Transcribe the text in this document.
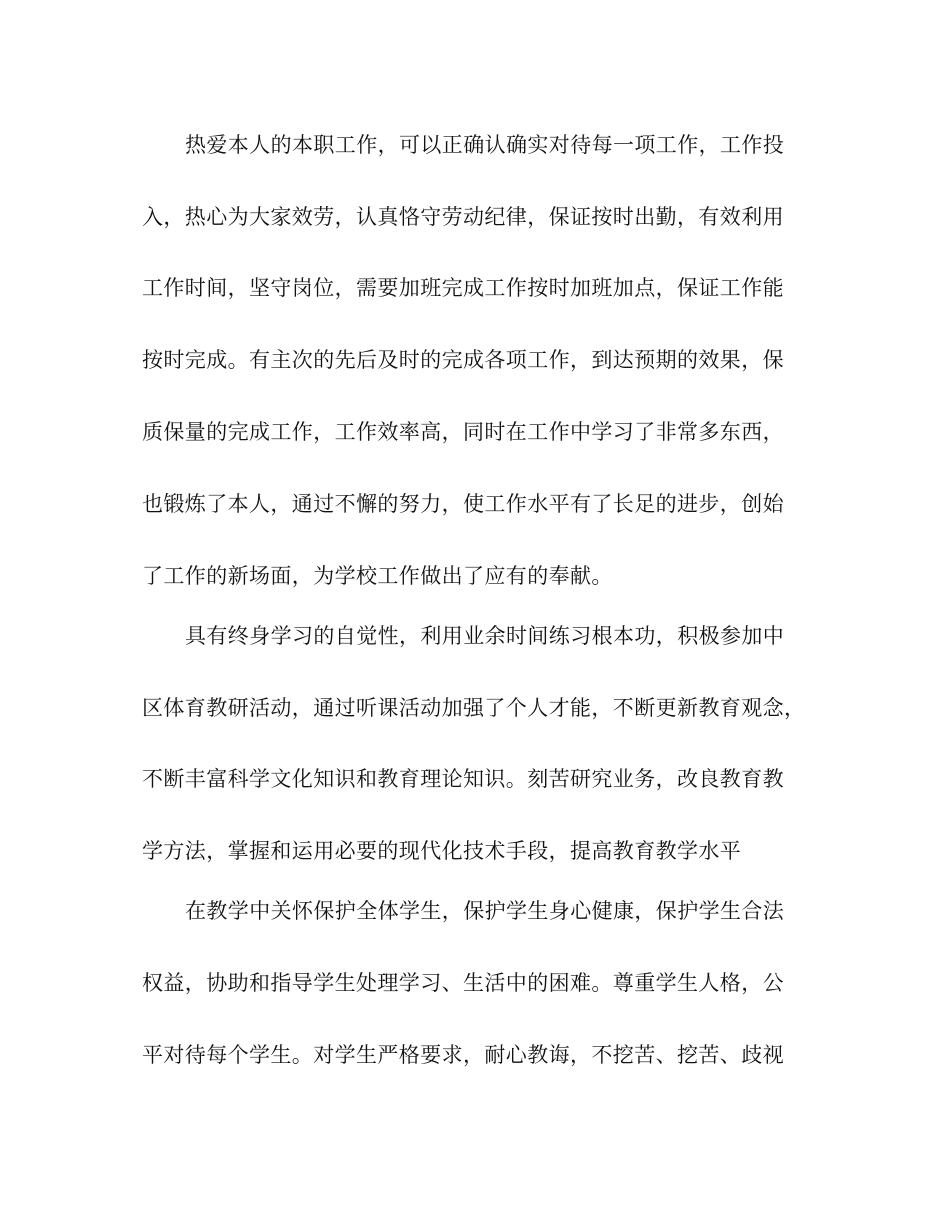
热爱本人的本职工作，可以正确认确实对待每一项工作，工作投
入，热心为大家效劳，认真恪守劳动纪律，保证按时出勤，有效利用
工作时间，坚守岗位，需要加班完成工作按时加班加点，保证工作能
按时完成。有主次的先后及时的完成各项工作，到达预期的效果，保
质保量的完成工作，工作效率高，同时在工作中学习了非常多东西，
也锻炼了本人，通过不懈的努力，使工作水平有了长足的进步，创始
了工作的新场面，为学校工作做出了应有的奉献。
具有终身学习的自觉性，利用业余时间练习根本功，积极参加中
区体育教研活动，通过听课活动加强了个人才能，不断更新教育观念，
不断丰富科学文化知识和教育理论知识。刻苦研究业务，改良教育教
学方法，掌握和运用必要的现代化技术手段，提高教育教学水平
在教学中关怀保护全体学生，保护学生身心健康，保护学生合法
权益，协助和指导学生处理学习、生活中的困难。尊重学生人格，公
平对待每个学生。对学生严格要求，耐心教诲，不挖苦、挖苦、歧视
